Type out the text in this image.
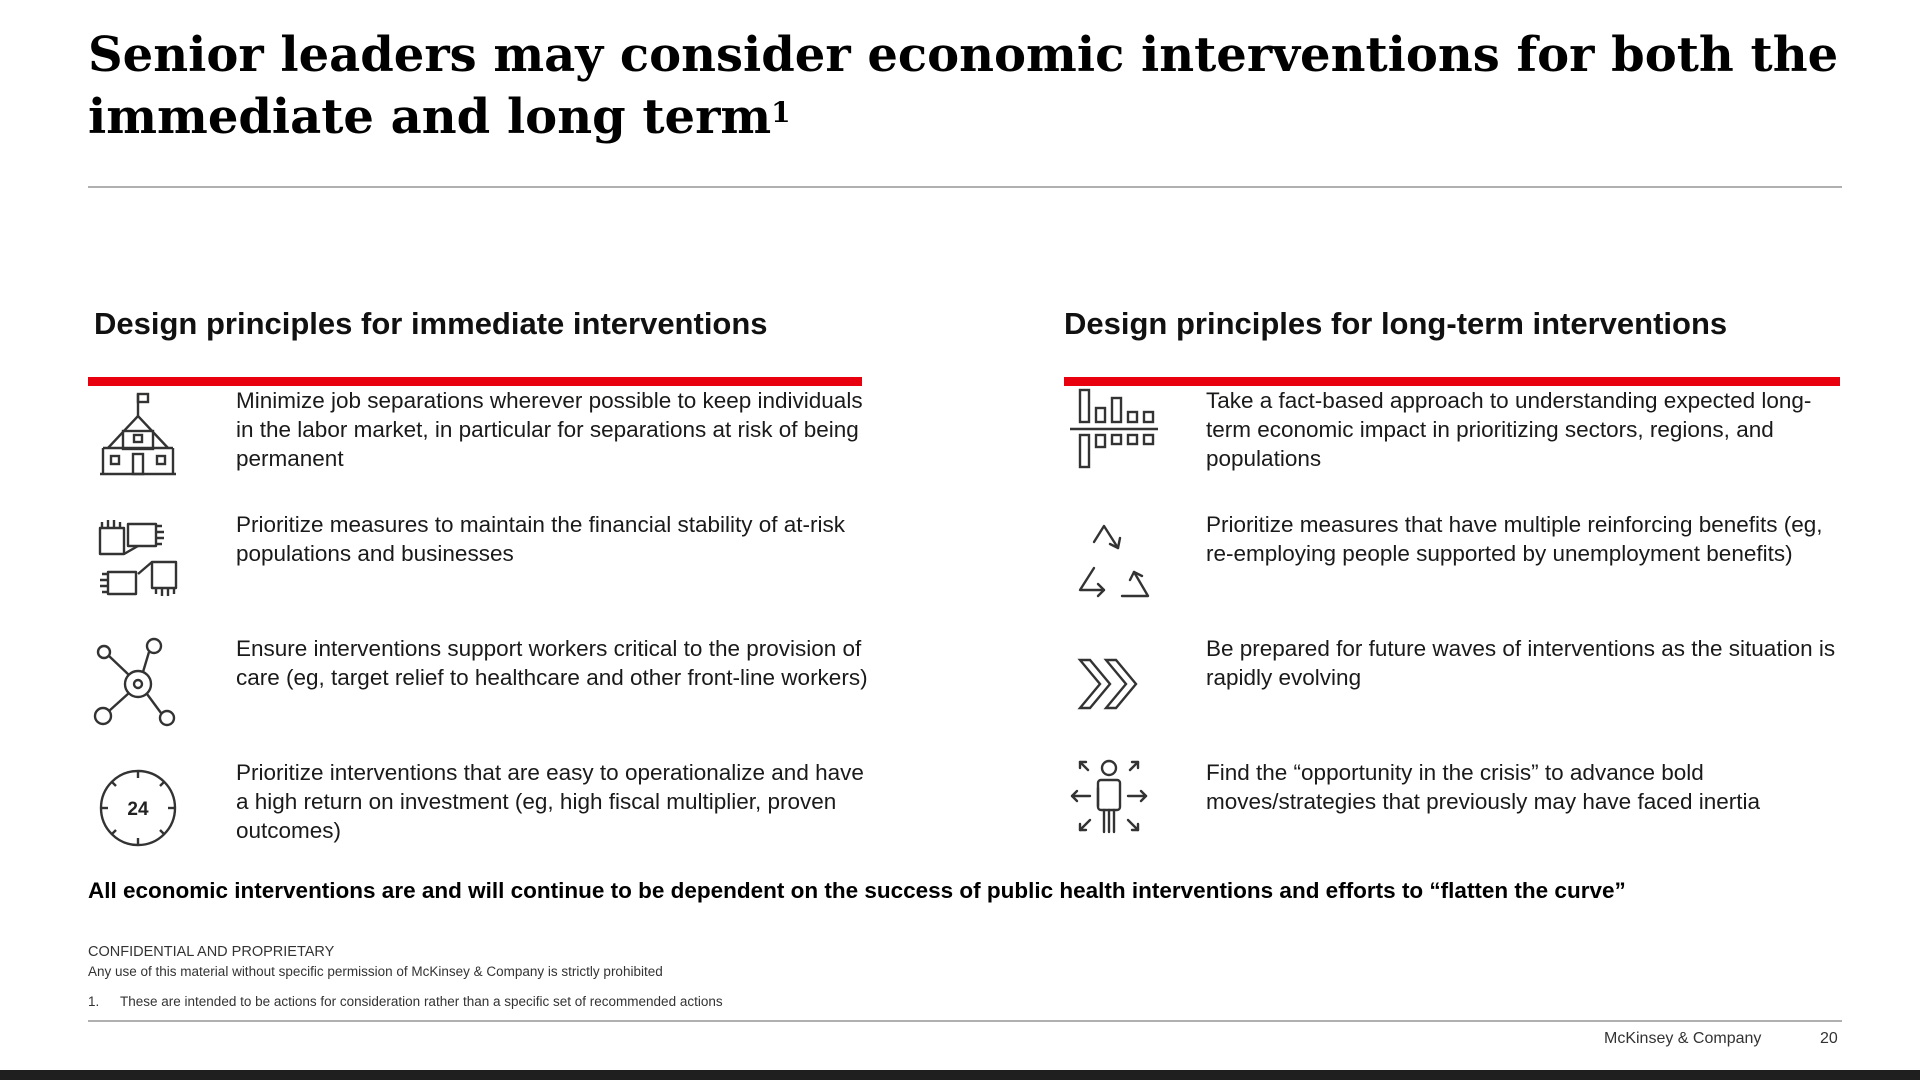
Senior leaders may consider economic interventions for both the immediate and long term$^1$
Design principles for immediate interventions
Minimize job separations wherever possible to keep individuals in the labor market, in particular for separations at risk of being permanent
Prioritize measures to maintain the financial stability of at-risk populations and businesses
Ensure interventions support workers critical to the provision of care (eg, target relief to healthcare and other front-line workers)
24
Prioritize interventions that are easy to operationalize and have a high return on investment (eg, high fiscal multiplier, proven outcomes)
Design principles for long-term interventions
Take a fact-based approach to understanding expected long-term economic impact in prioritizing sectors, regions, and populations
Prioritize measures that have multiple reinforcing benefits (eg, re-employing people supported by unemployment benefits)
Be prepared for future waves of interventions as the situation is rapidly evolving
Find the “opportunity in the crisis” to advance bold moves/strategies that previously may have faced inertia
All economic interventions are and will continue to be dependent on the success of public health interventions and efforts to “flatten the curve”
CONFIDENTIAL AND PROPRIETARY
Any use of this material without specific permission of McKinsey & Company is strictly prohibited
1. These are intended to be actions for consideration rather than a specific set of recommended actions
McKinsey & Company	20
